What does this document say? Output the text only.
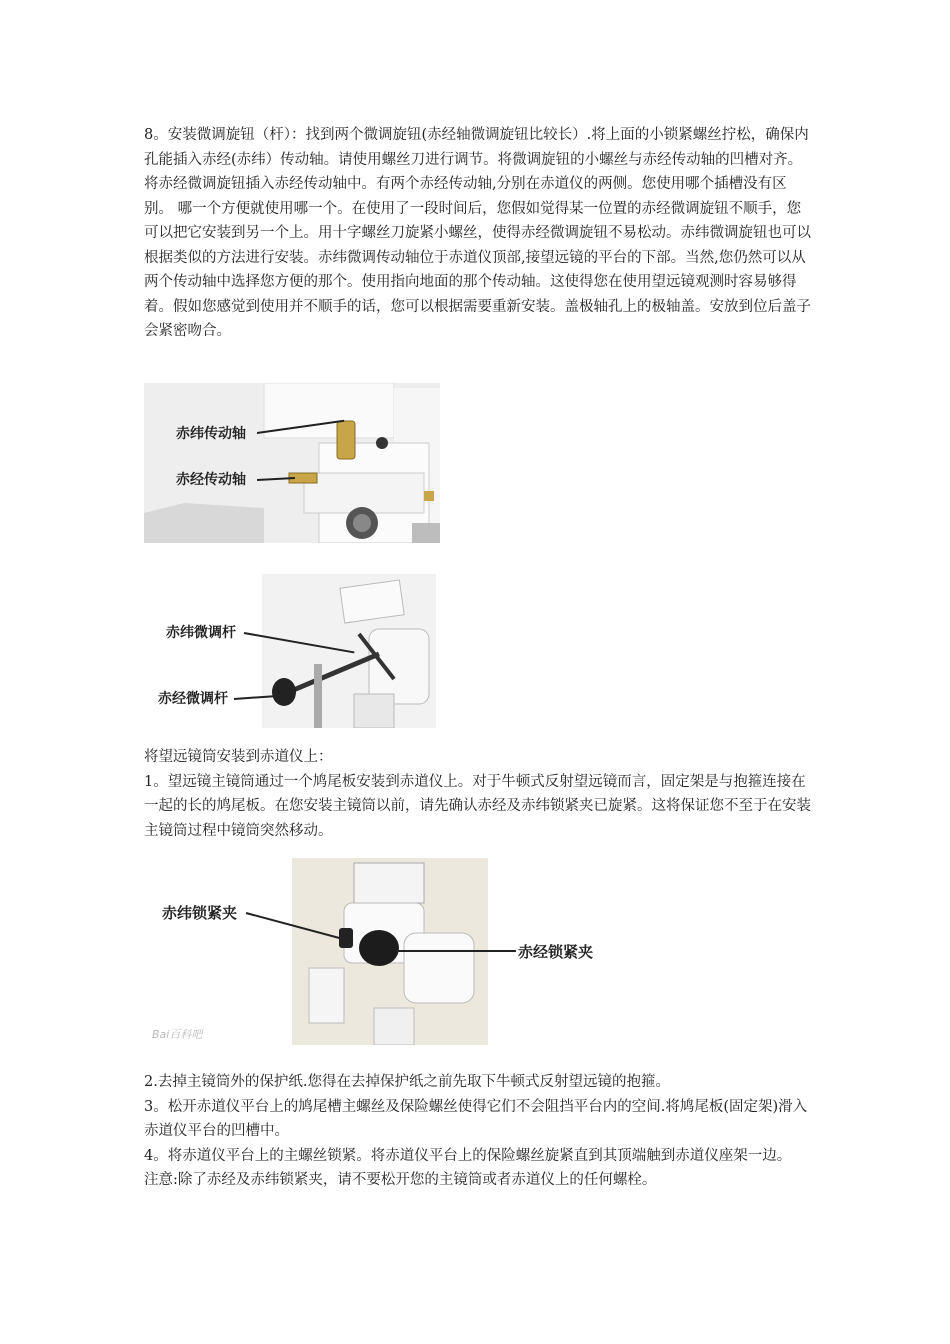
8。安装微调旋钮（杆）：找到两个微调旋钮(赤经轴微调旋钮比较长）.将上面的小锁紧螺丝拧松，确保内孔能插入赤经(赤纬）传动轴。请使用螺丝刀进行调节。将微调旋钮的小螺丝与赤经传动轴的凹槽对齐。将赤经微调旋钮插入赤经传动轴中。有两个赤经传动轴,分别在赤道仪的两侧。您使用哪个插槽没有区别。 哪一个方便就使用哪一个。在使用了一段时间后，您假如觉得某一位置的赤经微调旋钮不顺手，您可以把它安装到另一个上。用十字螺丝刀旋紧小螺丝，使得赤经微调旋钮不易松动。赤纬微调旋钮也可以根据类似的方法进行安装。赤纬微调传动轴位于赤道仪顶部,接望远镜的平台的下部。当然,您仍然可以从两个传动轴中选择您方便的那个。使用指向地面的那个传动轴。这使得您在使用望远镜观测时容易够得着。假如您感觉到使用并不顺手的话，您可以根据需要重新安装。盖极轴孔上的极轴盖。安放到位后盖子会紧密吻合。

赤纬传动轴
赤经传动轴
赤纬微调杆
赤经微调杆

将望远镜筒安装到赤道仪上：

1。望远镜主镜筒通过一个鸠尾板安装到赤道仪上。对于牛顿式反射望远镜而言，固定架是与抱箍连接在一起的长的鸠尾板。在您安装主镜筒以前，请先确认赤经及赤纬锁紧夹已旋紧。这将保证您不至于在安装主镜筒过程中镜筒突然移动。

赤纬锁紧夹
赤经锁紧夹
Bai百科吧

2.去掉主镜筒外的保护纸.您得在去掉保护纸之前先取下牛顿式反射望远镜的抱箍。

3。松开赤道仪平台上的鸠尾槽主螺丝及保险螺丝使得它们不会阻挡平台内的空间.将鸠尾板(固定架)滑入赤道仪平台的凹槽中。

4。将赤道仪平台上的主螺丝锁紧。将赤道仪平台上的保险螺丝旋紧直到其顶端触到赤道仪座架一边。

注意:除了赤经及赤纬锁紧夹，请不要松开您的主镜筒或者赤道仪上的任何螺栓。
